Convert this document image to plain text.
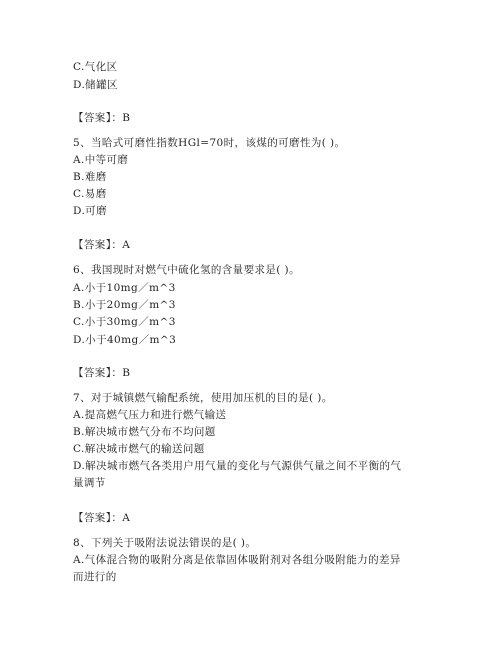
C.气化区
D.储罐区
【答案】：B
5、当哈式可磨性指数HGl=70时，该煤的可磨性为( )。
A.中等可磨
B.难磨
C.易磨
D.可磨
【答案】：A
6、我国现时对燃气中硫化氢的含量要求是( )。
A.小于10mg／m^3
B.小于20mg／m^3
C.小于30mg／m^3
D.小于40mg／m^3
【答案】：B
7、对于城镇燃气输配系统，使用加压机的目的是( )。
A.提高燃气压力和进行燃气输送
B.解决城市燃气分布不均问题
C.解决城市燃气的输送问题
D.解决城市燃气各类用户用气量的变化与气源供气量之间不平衡的气
量调节
【答案】：A
8、下列关于吸附法说法错误的是( )。
A.气体混合物的吸附分离是依靠固体吸附剂对各组分吸附能力的差异
而进行的
